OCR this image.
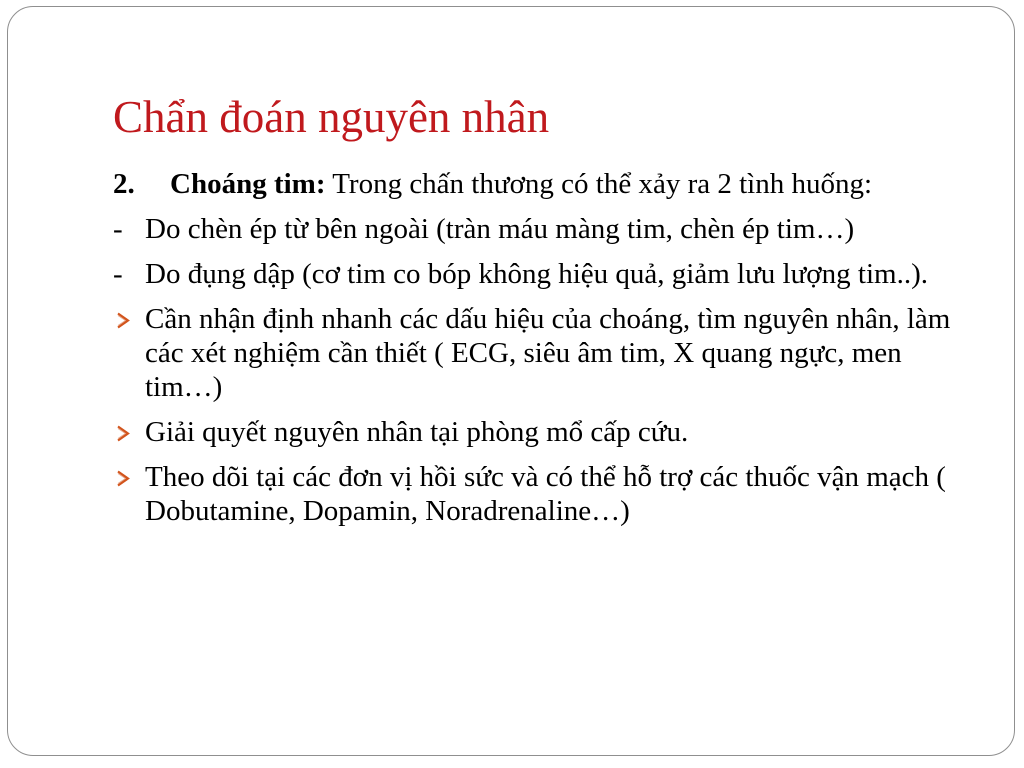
Chẩn đoán nguyên nhân
2. Choáng tim: Trong chấn thương có thể xảy ra 2 tình huống:
- Do chèn ép từ bên ngoài (tràn máu màng tim, chèn ép tim…)
- Do đụng dập (cơ tim co bóp không hiệu quả, giảm lưu lượng tim..).
Cần nhận định nhanh các dấu hiệu của choáng, tìm nguyên nhân, làm các xét nghiệm cần thiết ( ECG, siêu âm tim, X quang ngực, men tim…)
Giải quyết nguyên nhân tại phòng mổ cấp cứu.
Theo dõi tại các đơn vị hồi sức và có thể hỗ trợ các thuốc vận mạch ( Dobutamine, Dopamin, Noradrenaline…)
